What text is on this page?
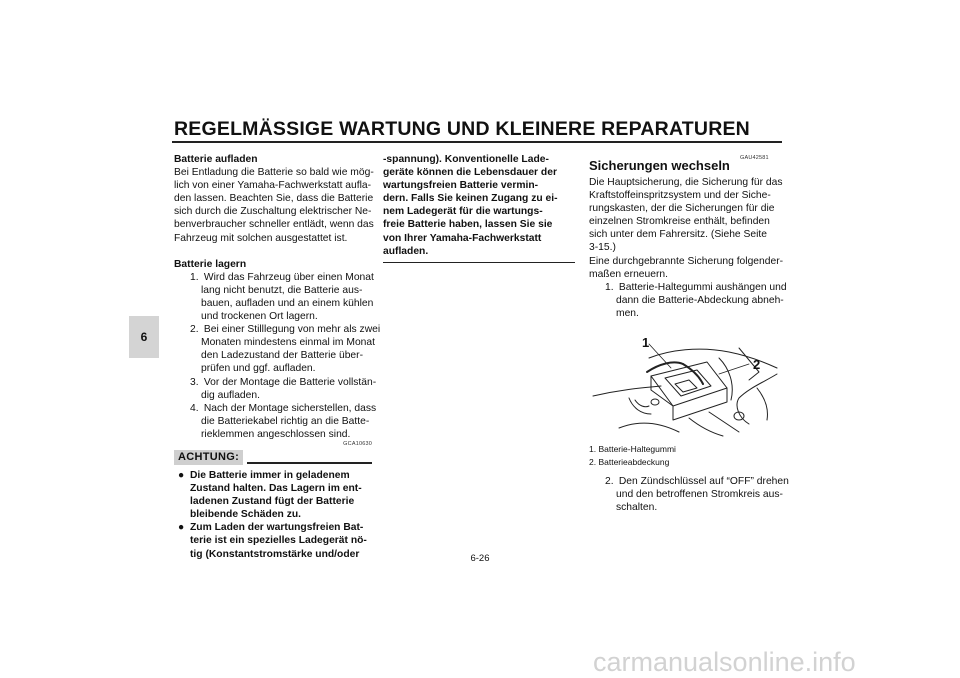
REGELMÄSSIGE WARTUNG UND KLEINERE REPARATUREN
6
Batterie aufladen
Bei Entladung die Batterie so bald wie mög-
lich von einer Yamaha-Fachwerkstatt aufla-
den lassen. Beachten Sie, dass die Batterie
sich durch die Zuschaltung elektrischer Ne-
benverbraucher schneller entlädt, wenn das
Fahrzeug mit solchen ausgestattet ist.
Batterie lagern
1. Wird das Fahrzeug über einen Monat
lang nicht benutzt, die Batterie aus-
bauen, aufladen und an einem kühlen
und trockenen Ort lagern.
2. Bei einer Stilllegung von mehr als zwei
Monaten mindestens einmal im Monat
den Ladezustand der Batterie über-
prüfen und ggf. aufladen.
3. Vor der Montage die Batterie vollstän-
dig aufladen.
4. Nach der Montage sicherstellen, dass
die Batteriekabel richtig an die Batte-
rieklemmen angeschlossen sind.
GCA10630
ACHTUNG:
● Die Batterie immer in geladenem
Zustand halten. Das Lagern im ent-
ladenen Zustand fügt der Batterie
bleibende Schäden zu.
● Zum Laden der wartungsfreien Bat-
terie ist ein spezielles Ladegerät nö-
tig (Konstantstromstärke und/oder
-spannung). Konventionelle Lade-
geräte können die Lebensdauer der
wartungsfreien Batterie vermin-
dern. Falls Sie keinen Zugang zu ei-
nem Ladegerät für die wartungs-
freie Batterie haben, lassen Sie sie
von Ihrer Yamaha-Fachwerkstatt
aufladen.
GAU42581
Sicherungen wechseln
Die Hauptsicherung, die Sicherung für das
Kraftstoffeinspritzsystem und der Siche-
rungskasten, der die Sicherungen für die
einzelnen Stromkreise enthält, befinden
sich unter dem Fahrersitz. (Siehe Seite
3-15.)
Eine durchgebrannte Sicherung folgender-
maßen erneuern.
1. Batterie-Haltegummi aushängen und
dann die Batterie-Abdeckung abneh-
men.
1
2
1. Batterie-Haltegummi
2. Batterieabdeckung
2. Den Zündschlüssel auf “OFF” drehen
und den betroffenen Stromkreis aus-
schalten.
6-26
carmanualsonline.info
